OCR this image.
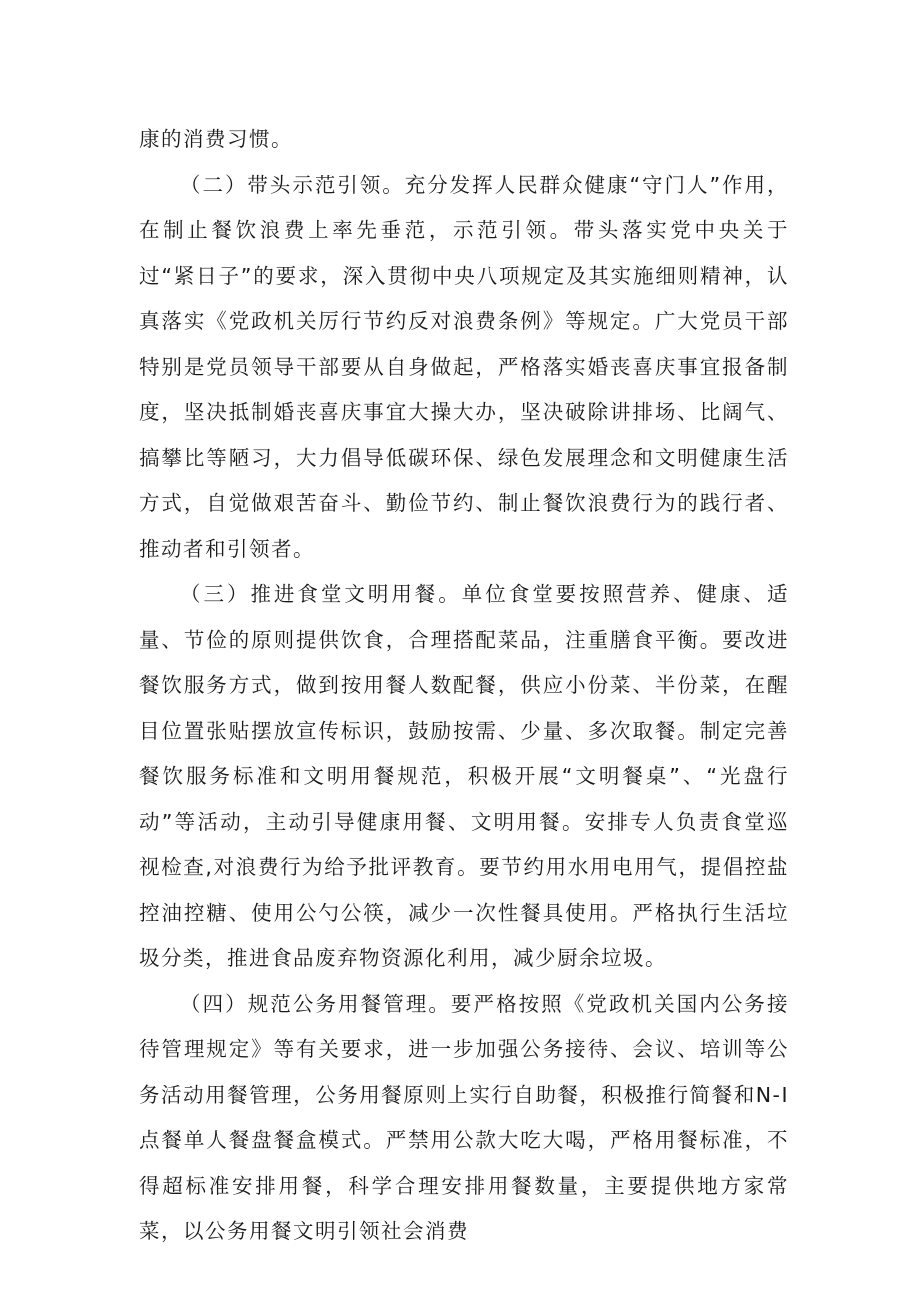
康的消费习惯。

（二）带头示范引领。充分发挥人民群众健康“守门人”作用，在制止餐饮浪费上率先垂范，示范引领。带头落实党中央关于过“紧日子”的要求，深入贯彻中央八项规定及其实施细则精神，认真落实《党政机关厉行节约反对浪费条例》等规定。广大党员干部特别是党员领导干部要从自身做起，严格落实婚丧喜庆事宜报备制度，坚决抵制婚丧喜庆事宜大操大办，坚决破除讲排场、比阔气、搞攀比等陋习，大力倡导低碳环保、绿色发展理念和文明健康生活方式，自觉做艰苦奋斗、勤俭节约、制止餐饮浪费行为的践行者、推动者和引领者。

（三）推进食堂文明用餐。单位食堂要按照营养、健康、适量、节俭的原则提供饮食，合理搭配菜品，注重膳食平衡。要改进餐饮服务方式，做到按用餐人数配餐，供应小份菜、半份菜，在醒目位置张贴摆放宣传标识，鼓励按需、少量、多次取餐。制定完善餐饮服务标准和文明用餐规范，积极开展“文明餐桌”、“光盘行动”等活动，主动引导健康用餐、文明用餐。安排专人负责食堂巡视检查,对浪费行为给予批评教育。要节约用水用电用气，提倡控盐控油控糖、使用公勺公筷，减少一次性餐具使用。严格执行生活垃圾分类，推进食品废弃物资源化利用，减少厨余垃圾。

（四）规范公务用餐管理。要严格按照《党政机关国内公务接待管理规定》等有关要求，进一步加强公务接待、会议、培训等公务活动用餐管理，公务用餐原则上实行自助餐，积极推行简餐和N-I点餐单人餐盘餐盒模式。严禁用公款大吃大喝，严格用餐标准，不得超标准安排用餐，科学合理安排用餐数量，主要提供地方家常菜，以公务用餐文明引领社会消费
